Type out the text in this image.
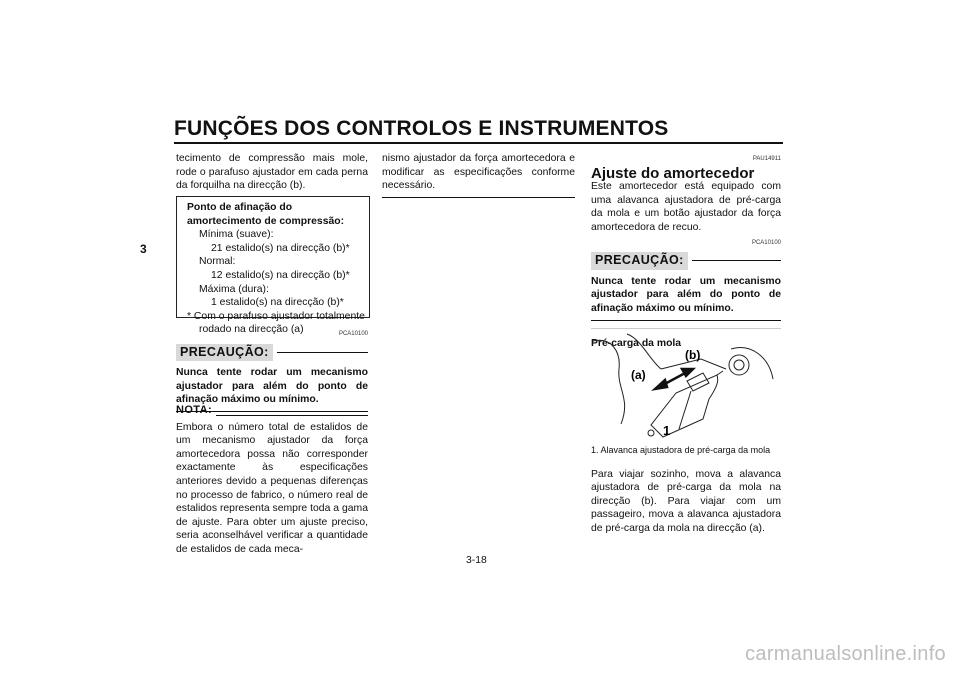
FUNÇÕES DOS CONTROLOS E INSTRUMENTOS
3

tecimento de compressão mais mole, rode o parafuso ajustador em cada perna da forquilha na direcção (b).

Ponto de afinação do amortecimento de compressão:
Mínima (suave):
21 estalido(s) na direcção (b)*
Normal:
12 estalido(s) na direcção (b)*
Máxima (dura):
1 estalido(s) na direcção (b)*
* Com o parafuso ajustador totalmente
rodado na direcção (a)	PCA10100
PRECAUÇÃO:

Nunca tente rodar um mecanismo ajustador para além do ponto de afinação máximo ou mínimo.

NOTA:

Embora o número total de estalidos de um mecanismo ajustador da força amortecedora possa não corresponder exactamente às especificações anteriores devido a pequenas diferenças no processo de fabrico, o número real de estalidos representa sempre toda a gama de ajuste. Para obter um ajuste preciso, seria aconselhável verificar a quantidade de estalidos de cada meca-

nismo ajustador da força amortecedora e modificar as especificações conforme necessário.

PAU14911
Ajuste do amortecedor

Este amortecedor está equipado com uma alavanca ajustadora de pré-carga da mola e um botão ajustador da força amortecedora de recuo.

PCA10100
PRECAUÇÃO:

Nunca tente rodar um mecanismo ajustador para além do ponto de afinação máximo ou mínimo.

Pré-carga da mola
(a)
(b)
1
1. Alavanca ajustadora de pré-carga da mola

Para viajar sozinho, mova a alavanca ajustadora de pré-carga da mola na direcção (b). Para viajar com um passageiro, mova a alavanca ajustadora de pré-carga da mola na direcção (a).

3-18
carmanualsonline.info
